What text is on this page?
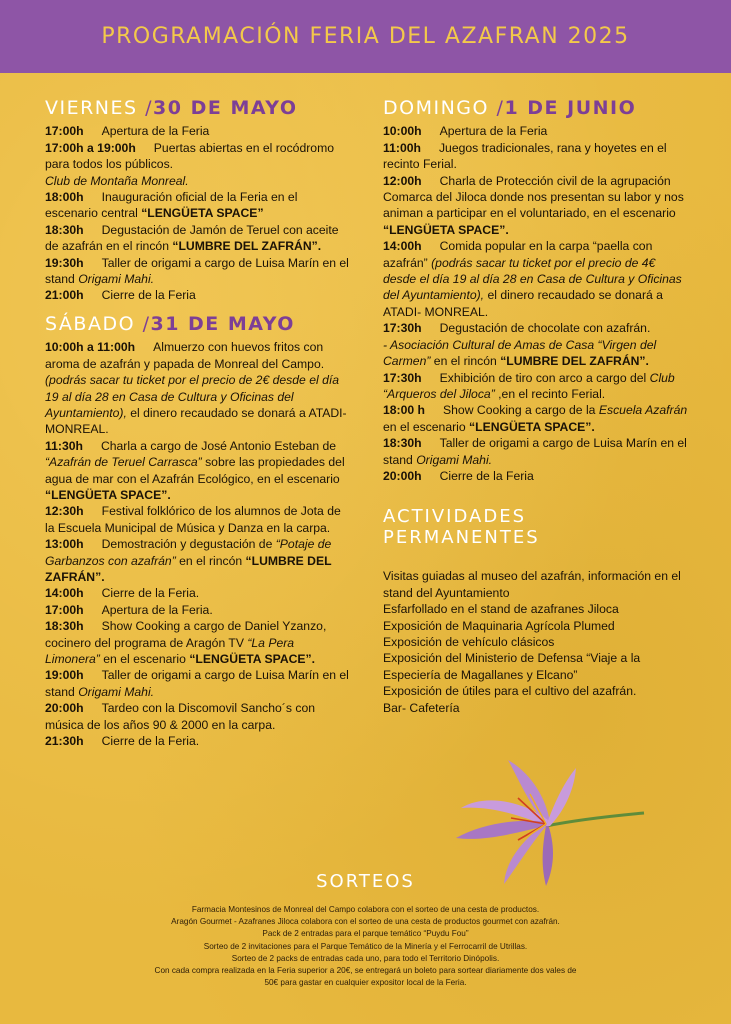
PROGRAMACIÓN FERIA DEL AZAFRAN 2025
VIERNES /30 DE MAYO

17:00h Apertura de la Feria

17:00h a 19:00h Puertas abiertas en el rocódromo para todos los públicos.
Club de Montaña Monreal.

18:00h Inauguración oficial de la Feria en el escenario central “LENGÜETA SPACE”

18:30h Degustación de Jamón de Teruel con aceite de azafrán en el rincón “LUMBRE DEL ZAFRÁN”.

19:30h Taller de origami a cargo de Luisa Marín en el stand Origami Mahi.

21:00h Cierre de la Feria

SÁBADO /31 DE MAYO

10:00h a 11:00h Almuerzo con huevos fritos con aroma de azafrán y papada de Monreal del Campo. (podrás sacar tu ticket por el precio de 2€ desde el día 19 al día 28 en Casa de Cultura y Oficinas del Ayuntamiento), el dinero recaudado se donará a ATADI- MONREAL.

11:30h Charla a cargo de José Antonio Esteban de “Azafrán de Teruel Carrasca” sobre las propiedades del agua de mar con el Azafrán Ecológico, en el escenario “LENGÜETA SPACE”.

12:30h Festival folklórico de los alumnos de Jota de la Escuela Municipal de Música y Danza en la carpa.

13:00h Demostración y degustación de “Potaje de Garbanzos con azafrán” en el rincón “LUMBRE DEL ZAFRÁN”.

14:00h Cierre de la Feria.

17:00h Apertura de la Feria.

18:30h Show Cooking a cargo de Daniel Yzanzo, cocinero del programa de Aragón TV “La Pera Limonera” en el escenario “LENGÜETA SPACE”.

19:00h Taller de origami a cargo de Luisa Marín en el stand Origami Mahi.

20:00h Tardeo con la Discomovil Sancho´s con música de los años 90 & 2000 en la carpa.

21:30h Cierre de la Feria.

DOMINGO /1 DE JUNIO

10:00h Apertura de la Feria

11:00h Juegos tradicionales, rana y hoyetes en el recinto Ferial.

12:00h Charla de Protección civil de la agrupación Comarca del Jiloca donde nos presentan su labor y nos animan a participar en el voluntariado, en el escenario “LENGÜETA SPACE”.

14:00h Comida popular en la carpa “paella con azafrán” (podrás sacar tu ticket por el precio de 4€ desde el día 19 al día 28 en Casa de Cultura y Oficinas del Ayuntamiento), el dinero recaudado se donará a ATADI- MONREAL.

17:30h Degustación de chocolate con azafrán.
- Asociación Cultural de Amas de Casa “Virgen del Carmen” en el rincón “LUMBRE DEL ZAFRÁN”.

17:30h Exhibición de tiro con arco a cargo del Club “Arqueros del Jiloca” ,en el recinto Ferial.

18:00 h Show Cooking a cargo de la Escuela Azafrán en el escenario “LENGÜETA SPACE”.

18:30h Taller de origami a cargo de Luisa Marín en el stand Origami Mahi.

20:00h Cierre de la Feria

ACTIVIDADES
PERMANENTES

Visitas guiadas al museo del azafrán, información en el stand del Ayuntamiento

Esfarfollado en el stand de azafranes Jiloca

Exposición de Maquinaria Agrícola Plumed

Exposición de vehículo clásicos

Exposición del Ministerio de Defensa “Viaje a la Especiería de Magallanes y Elcano”

Exposición de útiles para el cultivo del azafrán.

Bar- Cafetería

SORTEOS

Farmacia Montesinos de Monreal del Campo colabora con el sorteo de una cesta de productos.

Aragón Gourmet - Azafranes Jiloca colabora con el sorteo de una cesta de productos gourmet con azafrán.

Pack de 2 entradas para el parque temático “Puydu Fou”

Sorteo de 2 invitaciones para el Parque Temático de la Minería y el Ferrocarril de Utrillas.

Sorteo de 2 packs de entradas cada uno, para todo el Territorio Dinópolis.

Con cada compra realizada en la Feria superior a 20€, se entregará un boleto para sortear diariamente dos vales de

50€ para gastar en cualquier expositor local de la Feria.
